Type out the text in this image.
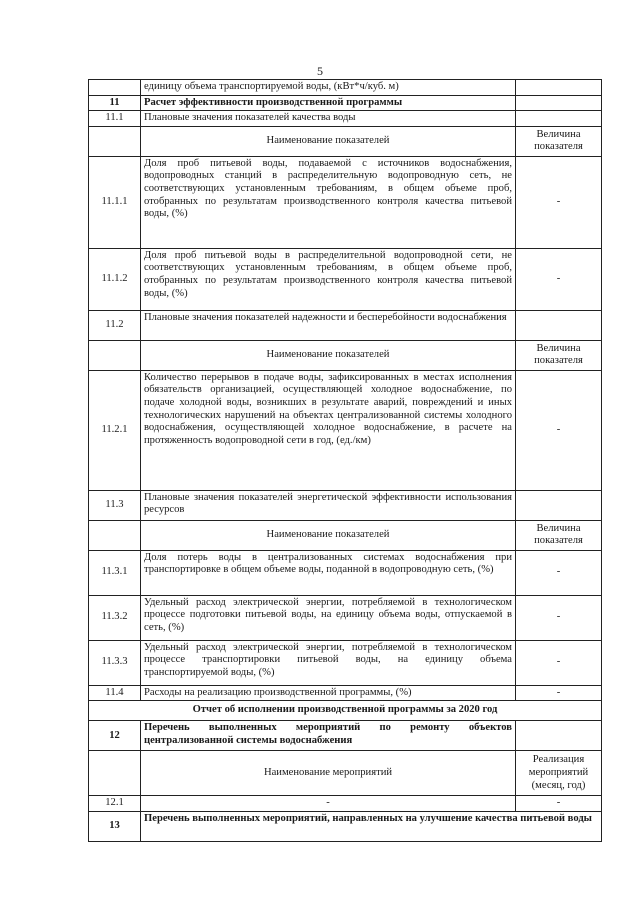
5
	единицу объема транспортируемой воды, (кВт*ч/куб. м)	
11	Расчет эффективности производственной программы	
11.1	Плановые значения показателей качества воды	
	Наименование показателей	Величина показателя
11.1.1	Доля проб питьевой воды, подаваемой с источников водоснабжения, водопроводных станций в распределительную водопроводную сеть, не соответствующих установленным требованиям, в общем объеме проб, отобранных по результатам производственного контроля качества питьевой воды, (%)	-
11.1.2	Доля проб питьевой воды в распределительной водопроводной сети, не соответствующих установленным требованиям, в общем объеме проб, отобранных по результатам производственного контроля качества питьевой воды, (%)	-
11.2	Плановые значения показателей надежности и бесперебойности водоснабжения	
	Наименование показателей	Величина показателя
11.2.1	Количество перерывов в подаче воды, зафиксированных в местах исполнения обязательств организацией, осуществляющей холодное водоснабжение, по подаче холодной воды, возникших в результате аварий, повреждений и иных технологических нарушений на объектах централизованной системы холодного водоснабжения, осуществляющей холодное водоснабжение, в расчете на протяженность водопроводной сети в год, (ед./км)	-
11.3	Плановые значения показателей энергетической эффективности использования ресурсов	
	Наименование показателей	Величина показателя
11.3.1	Доля потерь воды в централизованных системах водоснабжения при транспортировке в общем объеме воды, поданной в водопроводную сеть, (%)	-
11.3.2	Удельный расход электрической энергии, потребляемой в технологическом процессе подготовки питьевой воды, на единицу объема воды, отпускаемой в сеть, (%)	-
11.3.3	Удельный расход электрической энергии, потребляемой в технологическом процессе транспортировки питьевой воды, на единицу объема транспортируемой воды, (%)	-
11.4	Расходы на реализацию производственной программы, (%)	-
Отчет об исполнении производственной программы за 2020 год		
12	Перечень выполненных мероприятий по ремонту объектов централизованной системы водоснабжения	
	Наименование мероприятий	Реализация мероприятий (месяц, год)
12.1	-	-
13	Перечень выполненных мероприятий, направленных на улучшение качества питьевой воды	
